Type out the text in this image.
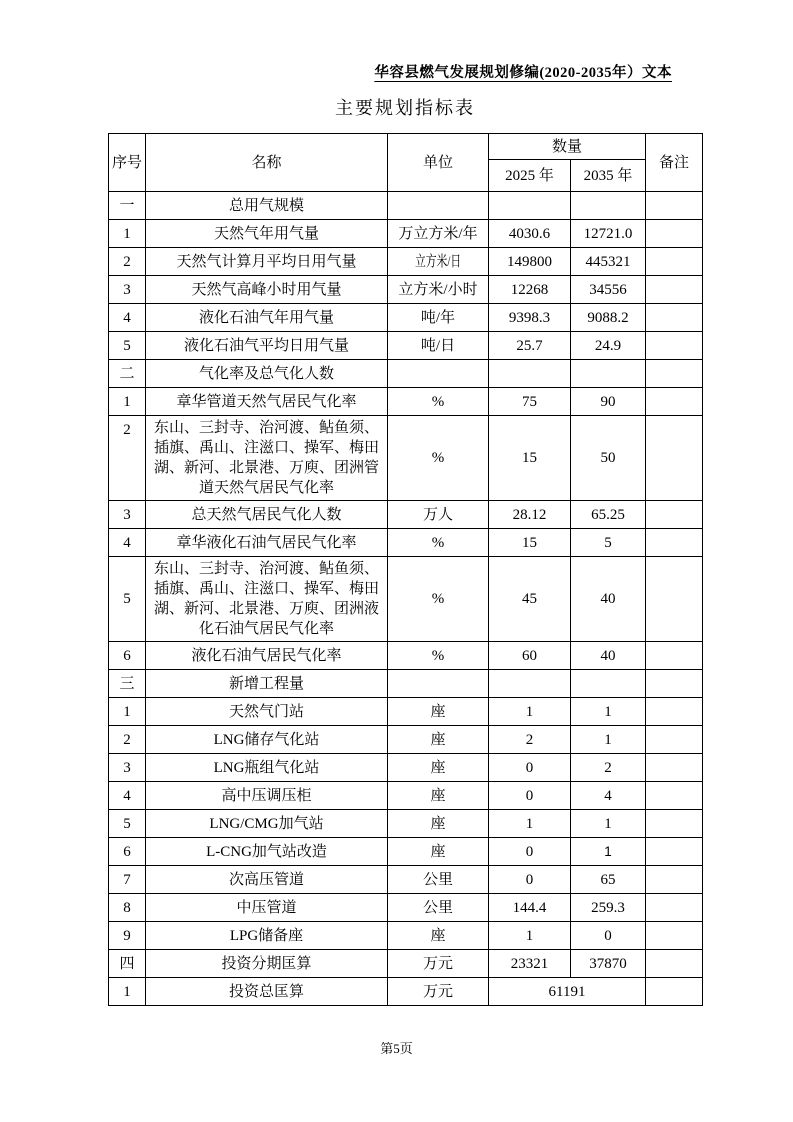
华容县燃气发展规划修编(2020-2035年）文本
主要规划指标表
序号	名称	单位	数量		备注
			2025 年	2035 年	
一	总用气规模				
1	天然气年用气量	万立方米/年	4030.6	12721.0	
2	天然气计算月平均日用气量	立方米/日	149800	445321	
3	天然气高峰小时用气量	立方米/小时	12268	34556	
4	液化石油气年用气量	吨/年	9398.3	9088.2	
5	液化石油气平均日用气量	吨/日	25.7	24.9	
二	气化率及总气化人数				
1	章华管道天然气居民气化率	%	75	90	
2	东山、三封寺、治河渡、鲇鱼须、插旗、禹山、注滋口、操军、梅田湖、新河、北景港、万庾、团洲管道天然气居民气化率	%	15	50	
3	总天然气居民气化人数	万人	28.12	65.25	
4	章华液化石油气居民气化率	%	15	5	
5	东山、三封寺、治河渡、鲇鱼须、插旗、禹山、注滋口、操军、梅田湖、新河、北景港、万庾、团洲液化石油气居民气化率	%	45	40	
6	液化石油气居民气化率	%	60	40	
三	新增工程量				
1	天然气门站	座	1	1	
2	LNG储存气化站	座	2	1	
3	LNG瓶组气化站	座	0	2	
4	高中压调压柜	座	0	4	
5	LNG/CMG加气站	座	1	1	
6	L-CNG加气站改造	座	0	1	
7	次高压管道	公里	0	65	
8	中压管道	公里	144.4	259.3	
9	LPG储备座	座	1	0	
四	投资分期匡算	万元	23321	37870	
1	投资总匡算	万元	61191		
第5页
